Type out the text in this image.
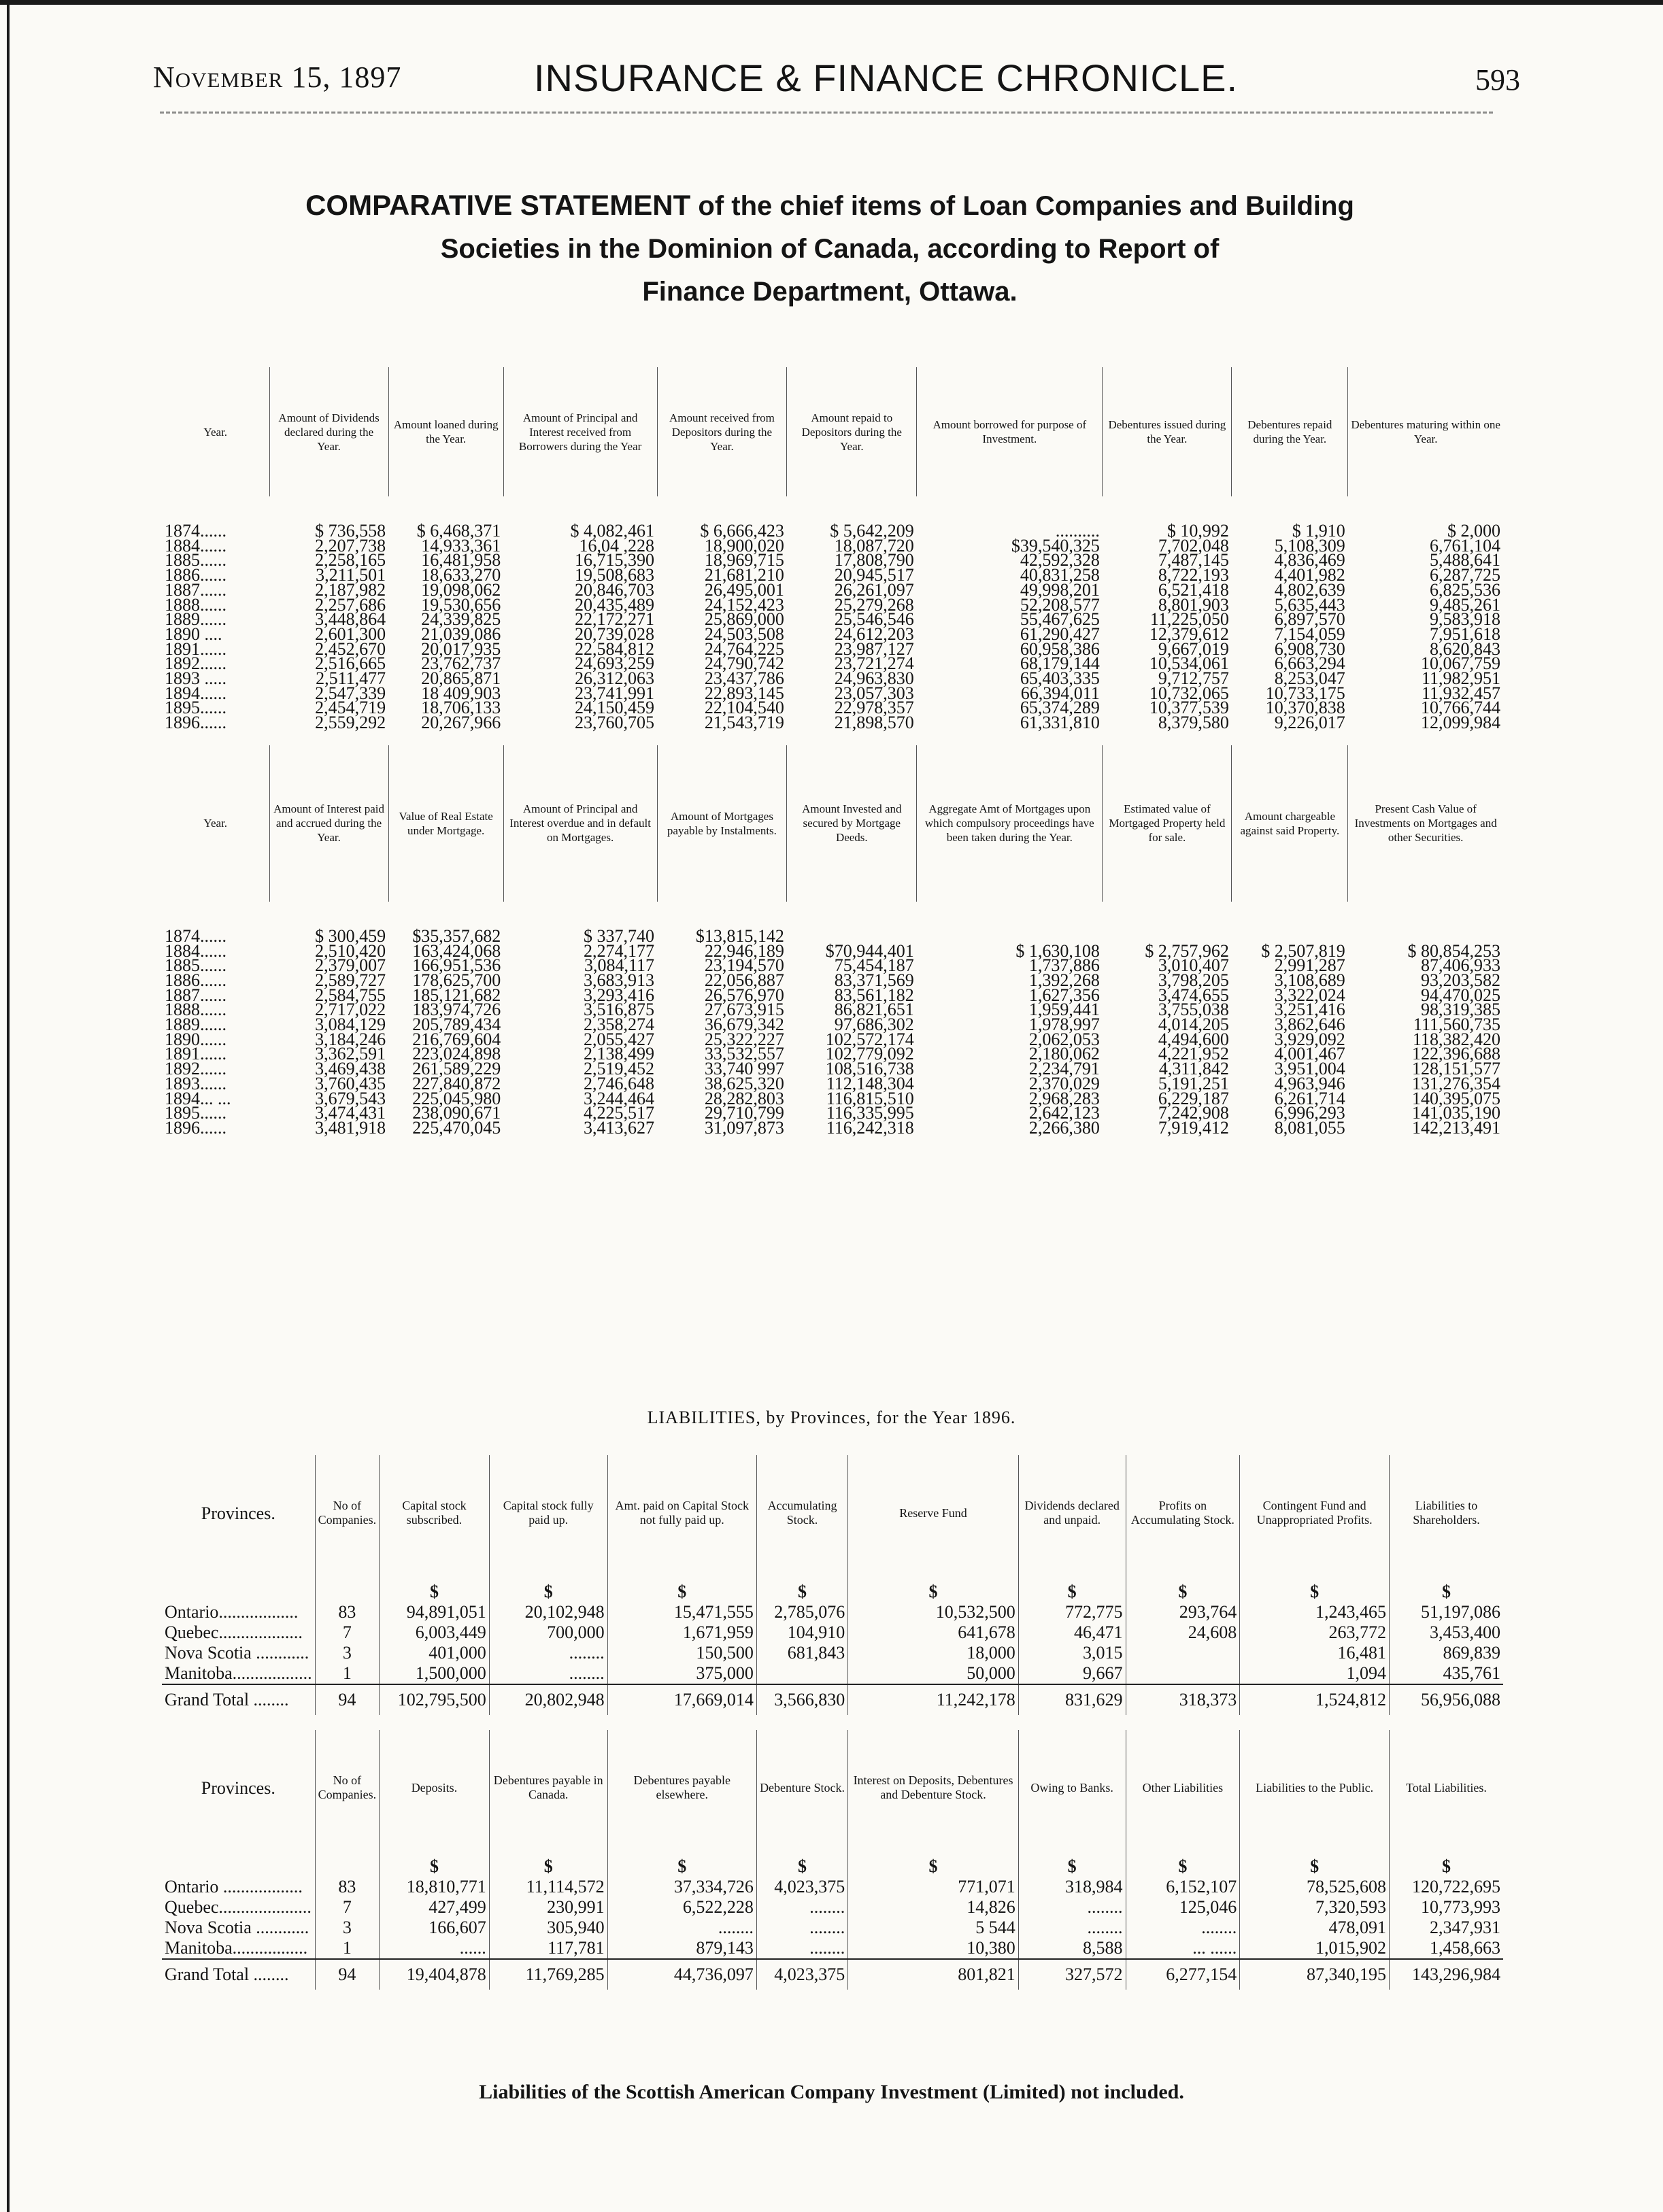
November 15, 1897	INSURANCE & FINANCE CHRONICLE.	593
COMPARATIVE STATEMENT of the chief items of Loan Companies and Building
Societies in the Dominion of Canada, according to Report of
Finance Department, Ottawa.
Year.	Amount of Dividends declared during the Year.	Amount loaned during the Year.	Amount of Principal and Interest received from Borrowers during the Year	Amount received from Depositors during the Year.	Amount repaid to Depositors during the Year.	Amount borrowed for purpose of Investment.	Debentures issued during the Year.	Debentures repaid during the Year.	Debentures maturing within one Year.

1874......	$ 736,558	$ 6,468,371	$ 4,082,461	$ 6,666,423	$ 5,642,209	..........	$ 10,992	$ 1,910	$ 2,000
1884......	2,207,738	14,933,361	16,04 ,228	18,900,020	18,087,720	$39,540,325	7,702,048	5,108,309	6,761,104
1885......	2,258,165	16,481,958	16,715,390	18,969,715	17,808,790	42,592,328	7,487,145	4,836,469	5,488,641
1886......	3,211,501	18,633,270	19,508,683	21,681,210	20,945,517	40,831,258	8,722,193	4,401,982	6,287,725
1887......	2,187,982	19,098,062	20,846,703	26,495,001	26,261,097	49,998,201	6,521,418	4,802,639	6,825,536
1888......	2,257,686	19,530,656	20,435,489	24,152,423	25,279,268	52,208,577	8,801,903	5,635,443	9,485,261
1889......	3,448,864	24,339,825	22,172,271	25,869,000	25,546,546	55,467,625	11,225,050	6,897,570	9,583,918
1890 ....	2,601,300	21,039,086	20,739,028	24,503,508	24,612,203	61,290,427	12,379,612	7,154,059	7,951,618
1891......	2,452,670	20,017,935	22,584,812	24,764,225	23,987,127	60,958,386	9,667,019	6,908,730	8,620,843
1892......	2,516,665	23,762,737	24,693,259	24,790,742	23,721,274	68,179,144	10,534,061	6,663,294	10,067,759
1893 .....	2,511,477	20,865,871	26,312,063	23,437,786	24,963,830	65,403,335	9,712,757	8,253,047	11,982,951
1894......	2,547,339	18 409,903	23,741,991	22,893,145	23,057,303	66,394,011	10,732,065	10,733,175	11,932,457
1895......	2,454,719	18,706,133	24,150,459	22,104,540	22,978,357	65,374,289	10,377,539	10,370,838	10,766,744
1896......	2,559,292	20,267,966	23,760,705	21,543,719	21,898,570	61,331,810	8,379,580	9,226,017	12,099,984

Year.	Amount of Interest paid and accrued during the Year.	Value of Real Estate under Mortgage.	Amount of Principal and Interest overdue and in default on Mortgages.	Amount of Mortgages payable by Instalments.	Amount Invested and secured by Mortgage Deeds.	Aggregate Amt of Mortgages upon which compulsory proceedings have been taken during the Year.	Estimated value of Mortgaged Property held for sale.	Amount chargeable against said Property.	Present Cash Value of Investments on Mortgages and other Securities.

1874......	$ 300,459	$35,357,682	$ 337,740	$13,815,142					
1884......	2,510,420	163,424,068	2,274,177	22,946,189	$70,944,401	$ 1,630,108	$ 2,757,962	$ 2,507,819	$ 80,854,253
1885......	2,379,007	166,951,536	3,084,117	23,194,570	75,454,187	1,737,886	3,010,407	2,991,287	87,406,933
1886......	2,589,727	178,625,700	3,683,913	22,056,887	83,371,569	1,392,268	3,798,205	3,108,689	93,203,582
1887......	2,584,755	185,121,682	3,293,416	26,576,970	83,561,182	1,627,356	3,474,655	3,322,024	94,470,025
1888......	2,717,022	183,974,726	3,516,875	27,673,915	86,821,651	1,959,441	3,755,038	3,251,416	98,319,385
1889......	3,084,129	205,789,434	2,358,274	36,679,342	97,686,302	1,978,997	4,014,205	3,862,646	111,560,735
1890......	3,184,246	216,769,604	2,055,427	25,322,227	102,572,174	2,062,053	4,494,600	3,929,092	118,382,420
1891......	3,362,591	223,024,898	2,138,499	33,532,557	102,779,092	2,180,062	4,221,952	4,001,467	122,396,688
1892......	3,469,438	261,589,229	2,519,452	33,740 997	108,516,738	2,234,791	4,311,842	3,951,004	128,151,577
1893......	3,760,435	227,840,872	2,746,648	38,625,320	112,148,304	2,370,029	5,191,251	4,963,946	131,276,354
1894... ...	3,679,543	225,045,980	3,244,464	28,282,803	116,815,510	2,968,283	6,229,187	6,261,714	140,395,075
1895......	3,474,431	238,090,671	4,225,517	29,710,799	116,335,995	2,642,123	7,242,908	6,996,293	141,035,190
1896......	3,481,918	225,470,045	3,413,627	31,097,873	116,242,318	2,266,380	7,919,412	8,081,055	142,213,491
LIABILITIES, by Provinces, for the Year 1896.
Provinces.	No of Companies.	Capital stock subscribed.	Capital stock fully paid up.	Amt. paid on Capital Stock not fully paid up.	Accumulating Stock.	Reserve Fund	Dividends declared and unpaid.	Profits on Accumulating Stock.	Contingent Fund and Unappropriated Profits.	Liabilities to Shareholders.
		$	$	$	$	$	$	$	$	$
Ontario..................	83	94,891,051	20,102,948	15,471,555	2,785,076	10,532,500	772,775	293,764	1,243,465	51,197,086
Quebec...................	7	6,003,449	700,000	1,671,959	104,910	641,678	46,471	24,608	263,772	3,453,400
Nova Scotia ............	3	401,000	........	150,500	681,843	18,000	3,015		16,481	869,839
Manitoba..................	1	1,500,000	........	375,000		50,000	9,667		1,094	435,761
Grand Total ........	94	102,795,500	20,802,948	17,669,014	3,566,830	11,242,178	831,629	318,373	1,524,812	56,956,088

Provinces.	No of Companies.	Deposits.	Debentures payable in Canada.	Debentures payable elsewhere.	Debenture Stock.	Interest on Deposits, Debentures and Debenture Stock.	Owing to Banks.	Other Liabilities	Liabilities to the Public.	Total Liabilities.
		$	$	$	$	$	$	$	$	$
Ontario ..................	83	18,810,771	11,114,572	37,334,726	4,023,375	771,071	318,984	6,152,107	78,525,608	120,722,695
Quebec.....................	7	427,499	230,991	6,522,228	........	14,826	........	125,046	7,320,593	10,773,993
Nova Scotia ............	3	166,607	305,940	........	........	5 544	........	........	478,091	2,347,931
Manitoba.................	1	......	117,781	879,143	........	10,380	8,588	... ......	1,015,902	1,458,663
Grand Total ........	94	19,404,878	11,769,285	44,736,097	4,023,375	801,821	327,572	6,277,154	87,340,195	143,296,984
Liabilities of the Scottish American Company Investment (Limited) not included.
